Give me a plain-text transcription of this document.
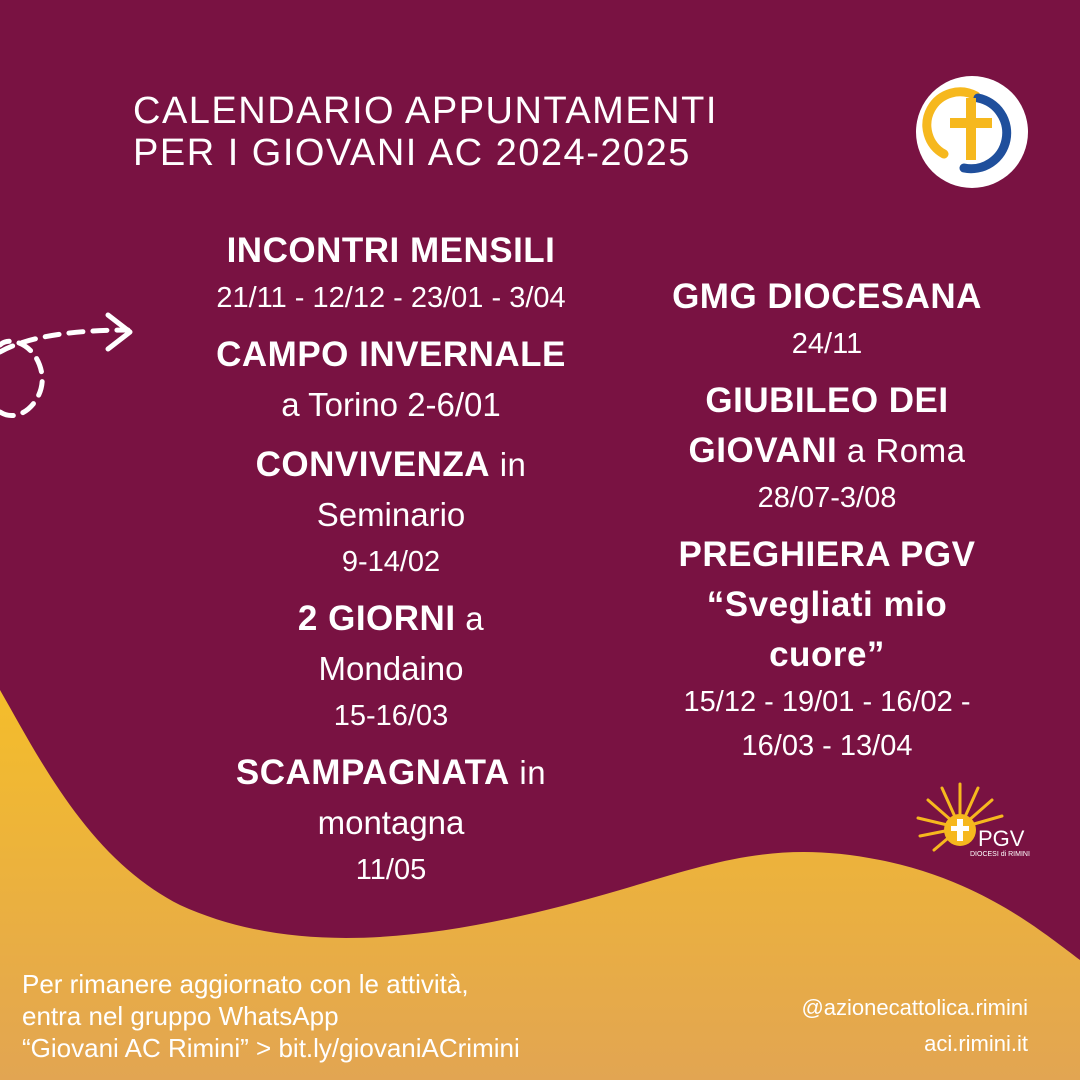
CALENDARIO APPUNTAMENTI
PER I GIOVANI AC 2024-2025
INCONTRI MENSILI
21/11 - 12/12 - 23/01 - 3/04
CAMPO INVERNALE
a Torino 2-6/01
CONVIVENZA in
Seminario
9-14/02
2 GIORNI a
Mondaino
15-16/03
SCAMPAGNATA in
montagna
11/05
GMG DIOCESANA
24/11
GIUBILEO DEI
GIOVANI a Roma
28/07-3/08
PREGHIERA PGV
“Svegliati mio
cuore”
15/12 - 19/01 - 16/02 -
16/03 - 13/04
PGV
DIOCESI di RIMINI
Per rimanere aggiornato con le attività,
entra nel gruppo WhatsApp
“Giovani AC Rimini” > bit.ly/giovaniACrimini
@azionecattolica.rimini
aci.rimini.it
